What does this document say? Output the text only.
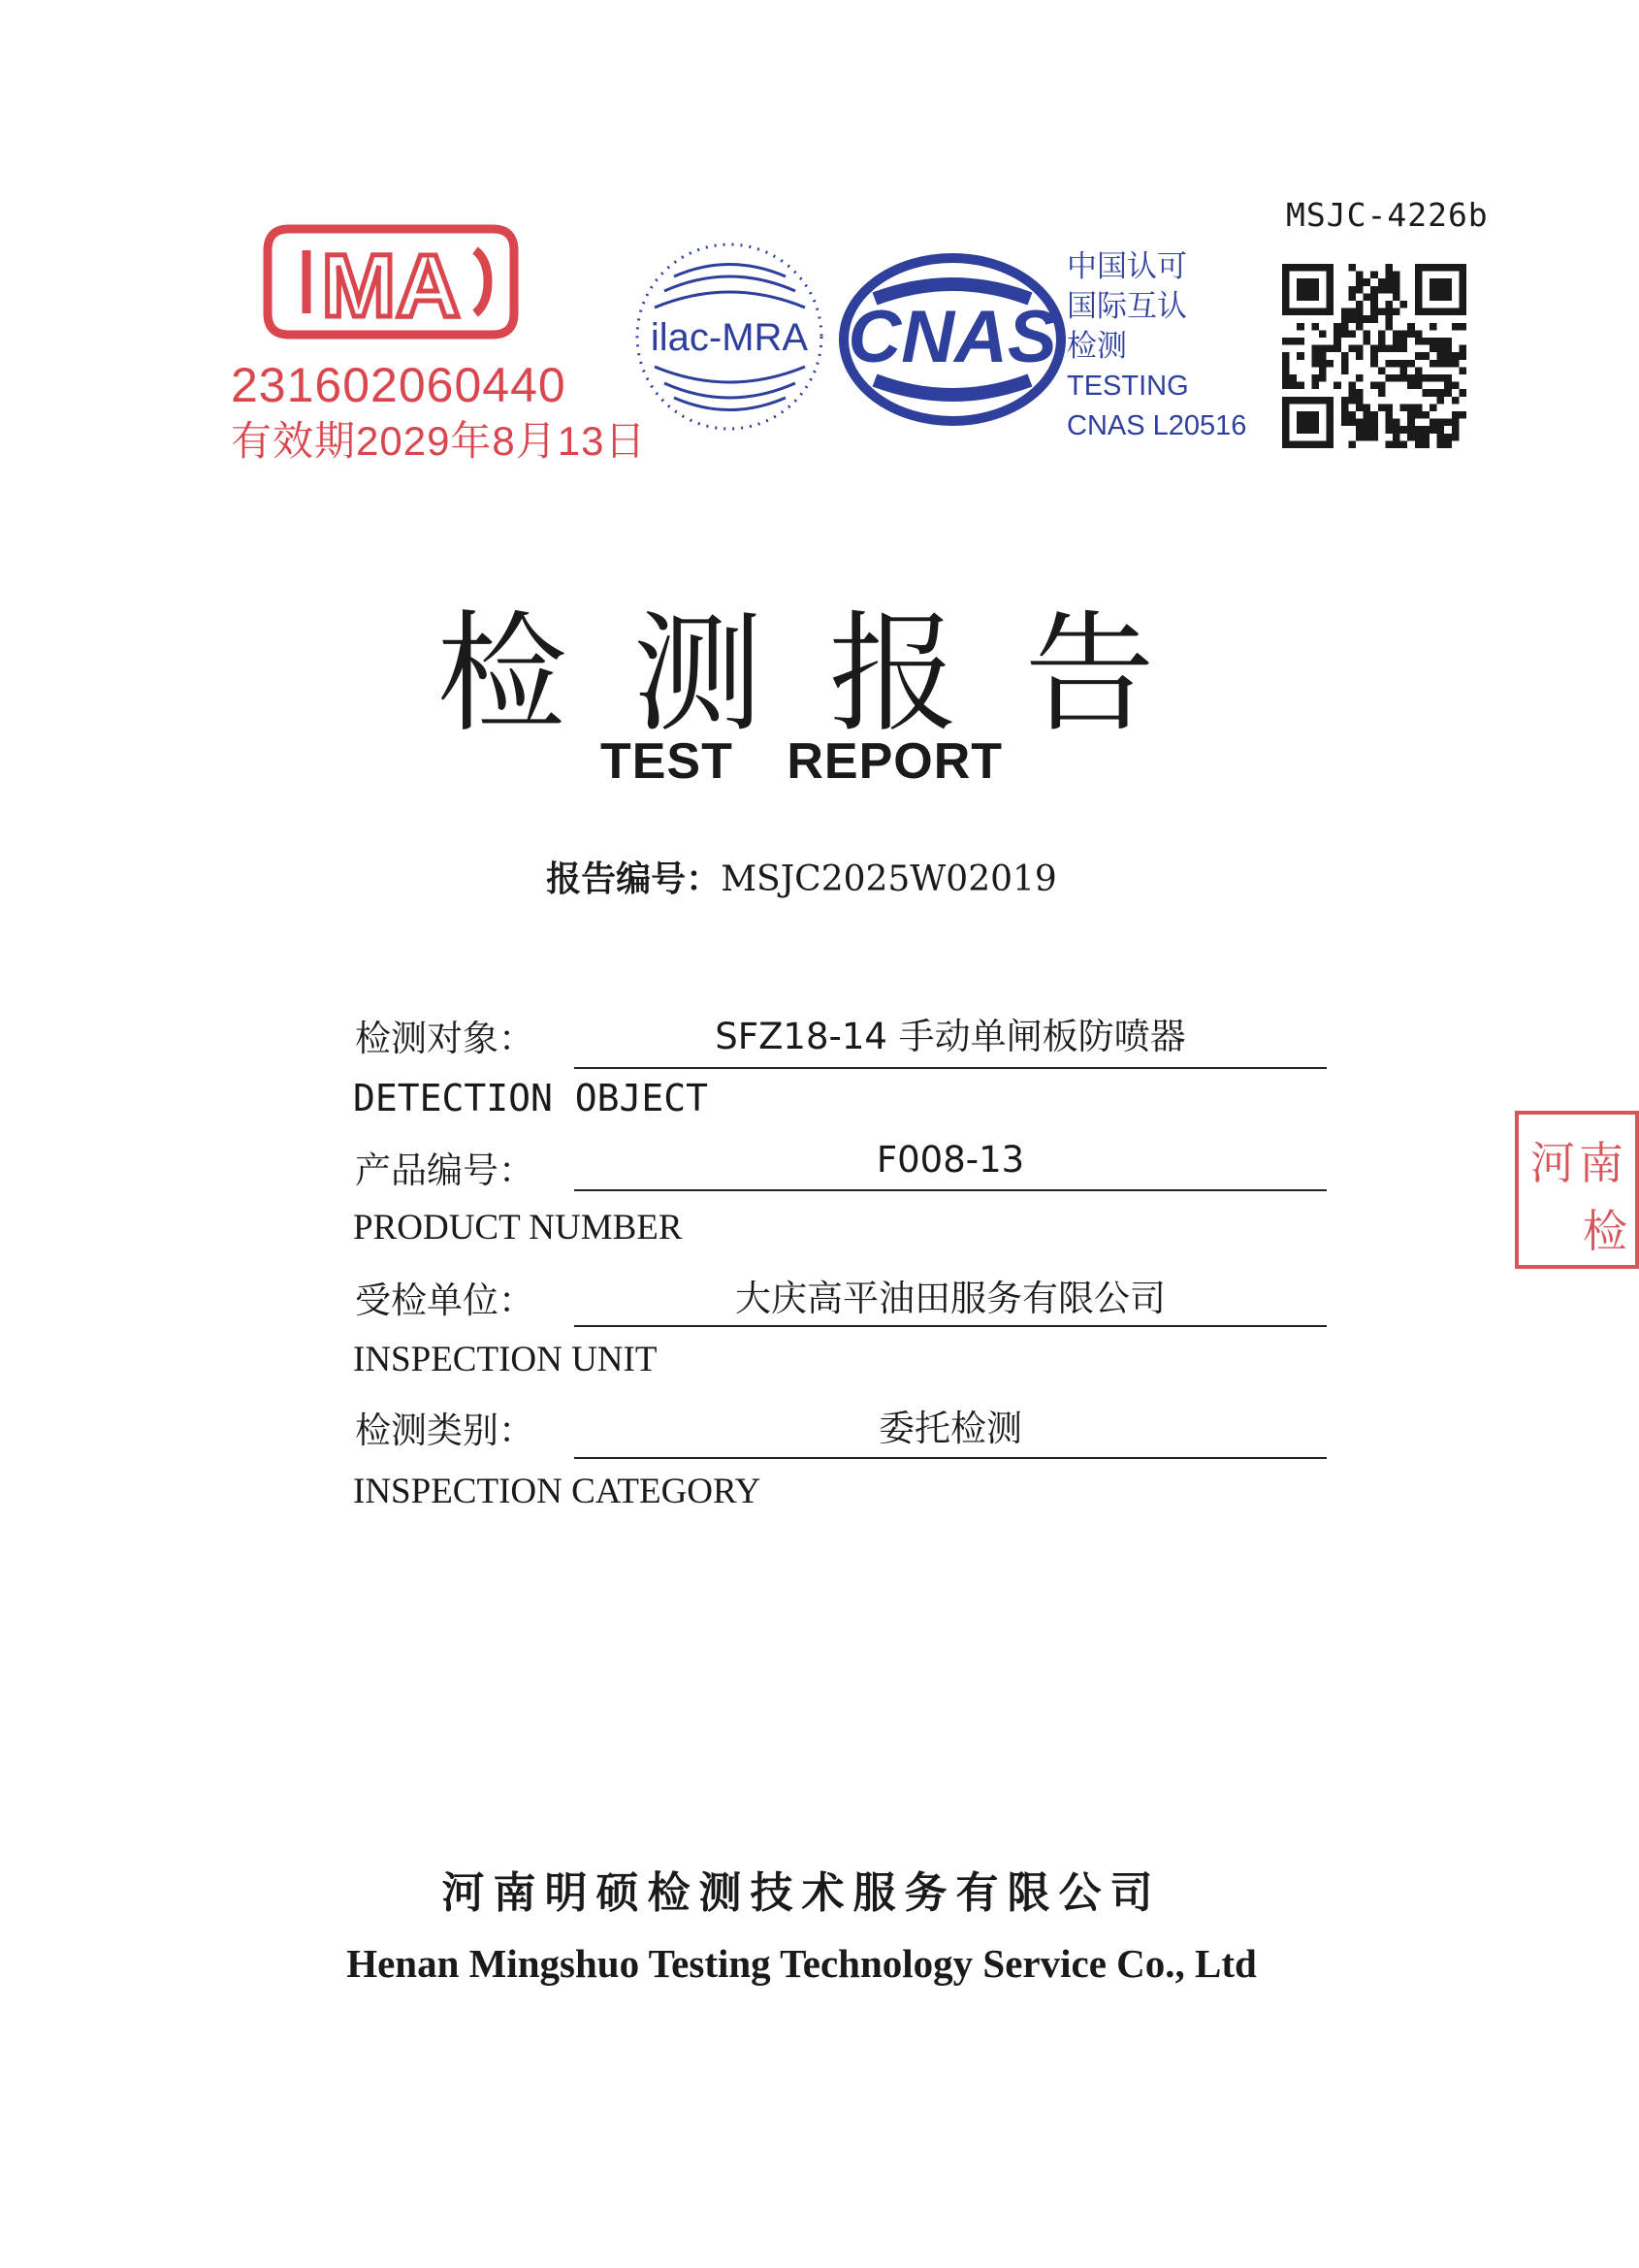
MA
231602060440
有效期2029年8月13日
ilac-MRA CNAS
中国认可
国际互认
检测
TESTING
CNAS L20516
MSJC-4226b
检测报告
TEST REPORT
报告编号：MSJC2025W02019
检测对象：	SFZ18-14 手动单闸板防喷器
DETECTION OBJECT
产品编号：	F008-13
PRODUCT NUMBER
受检单位：	大庆高平油田服务有限公司
INSPECTION UNIT
检测类别：	委托检测
INSPECTION CATEGORY
河南
检
河南明硕检测技术服务有限公司
Henan Mingshuo Testing Technology Service Co., Ltd
